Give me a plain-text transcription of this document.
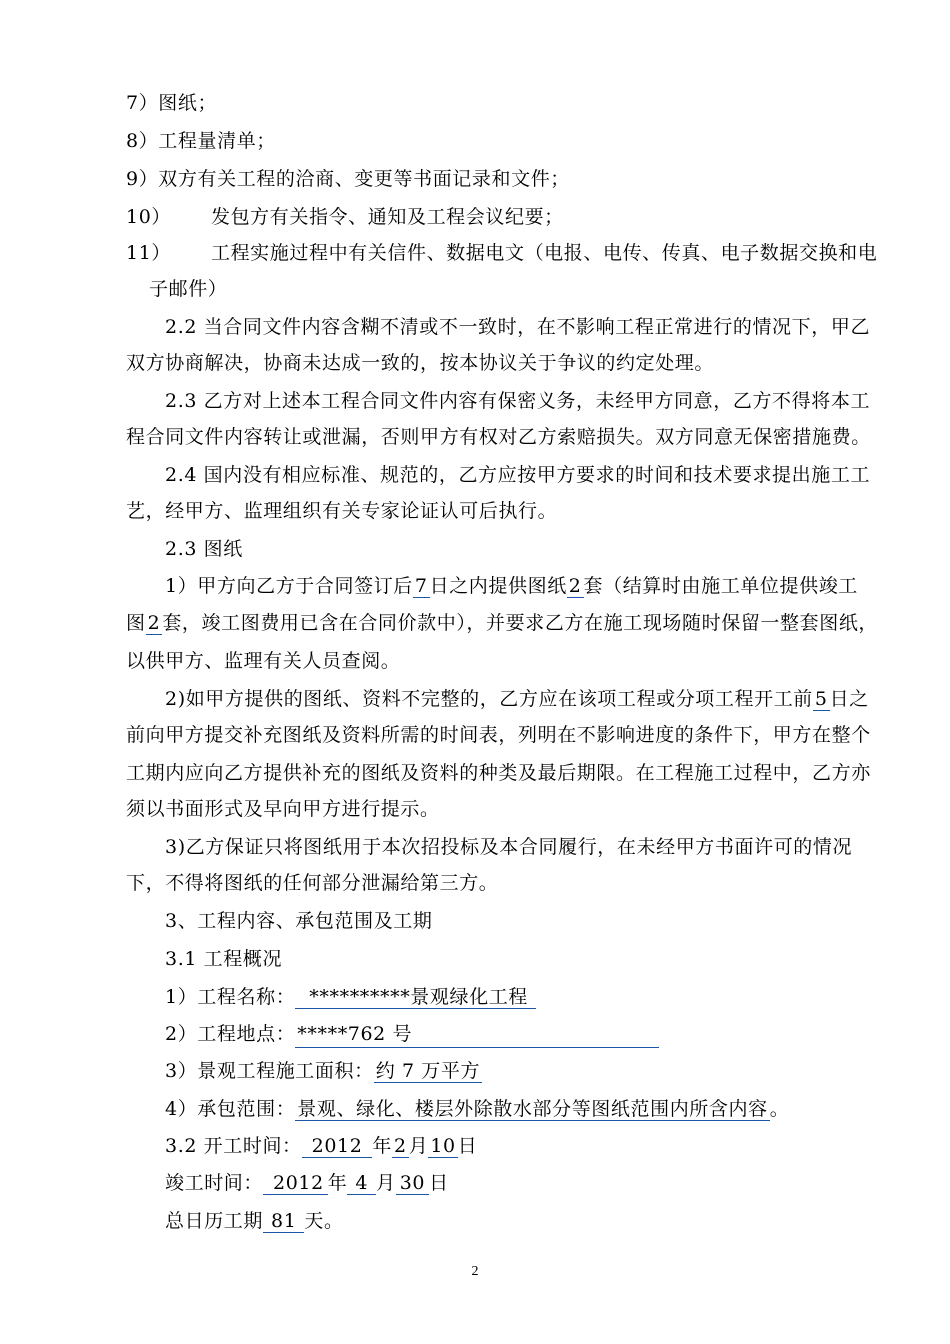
7）图纸；
8）工程量清单；
9）双方有关工程的洽商、变更等书面记录和文件；
10） 发包方有关指令、通知及工程会议纪要；
11） 工程实施过程中有关信件、数据电文（电报、电传、传真、电子数据交换和电
子邮件）
2.2 当合同文件内容含糊不清或不一致时，在不影响工程正常进行的情况下，甲乙
双方协商解决，协商未达成一致的，按本协议关于争议的约定处理。
2.3 乙方对上述本工程合同文件内容有保密义务，未经甲方同意，乙方不得将本工
程合同文件内容转让或泄漏，否则甲方有权对乙方索赔损失。双方同意无保密措施费。
2.4 国内没有相应标准、规范的，乙方应按甲方要求的时间和技术要求提出施工工
艺，经甲方、监理组织有关专家论证认可后执行。
2.3 图纸
1）甲方向乙方于合同签订后 7 日之内提供图纸 2 套（结算时由施工单位提供竣工
图 2 套，竣工图费用已含在合同价款中），并要求乙方在施工现场随时保留一整套图纸，
以供甲方、监理有关人员查阅。
2)如甲方提供的图纸、资料不完整的，乙方应在该项工程或分项工程开工前 5 日之
前向甲方提交补充图纸及资料所需的时间表，列明在不影响进度的条件下，甲方在整个
工期内应向乙方提供补充的图纸及资料的种类及最后期限。在工程施工过程中，乙方亦
须以书面形式及早向甲方进行提示。
3)乙方保证只将图纸用于本次招投标及本合同履行，在未经甲方书面许可的情况
下，不得将图纸的任何部分泄漏给第三方。
3、工程内容、承包范围及工期
3.1 工程概况
1）工程名称： **********景观绿化工程
2）工程地点： *****762 号
3）景观工程施工面积： 约 7 万平方
4）承包范围： 景观、绿化、楼层外除散水部分等图纸范围内所含内容 。
3.2 开工时间： 2012 年 2 月 10 日
竣工时间： 2012 年 4 月 30 日
总日历工期 81 天。
2
